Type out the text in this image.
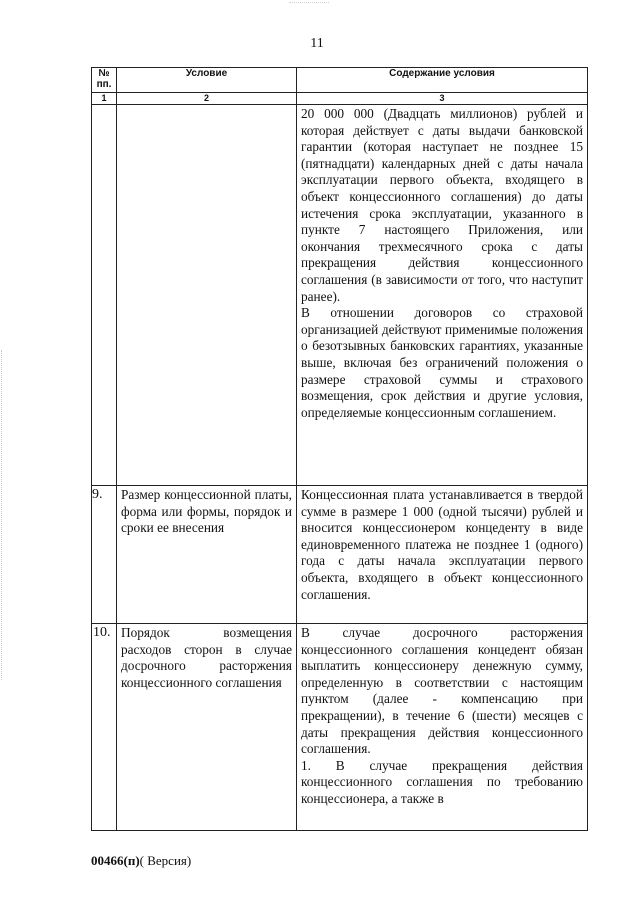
11
№ пп.	Условие	Содержание условия
1	2	3

		20 000 000 (Двадцать миллионов) рублей и которая действует с даты выдачи банковской гарантии (которая наступает не позднее 15 (пятнадцати) календарных дней с даты начала эксплуатации первого объекта, входящего в объект концессионного соглашения) до даты истечения срока эксплуатации, указанного в пункте 7 настоящего Приложения, или окончания трехмесячного срока с даты прекращения действия концессионного соглашения (в зависимости от того, что наступит ранее).

В отношении договоров со страховой организацией действуют применимые положения о безотзывных банковских гарантиях, указанные выше, включая без ограничений положения о размере страховой суммы и страхового возмещения, срок действия и другие условия, определяемые концессионным соглашением.

9.	Размер концессионной платы, форма или формы, порядок и сроки ее внесения	Концессионная плата устанавливается в твердой сумме в размере 1 000 (одной тысячи) рублей и вносится концессионером концеденту в виде единовременного платежа не позднее 1 (одного) года с даты начала эксплуатации первого объекта, входящего в объект концессионного соглашения.

10.	Порядок возмещения расходов сторон в случае досрочного расторжения концессионного соглашения	В случае досрочного расторжения концессионного соглашения концедент обязан выплатить концессионеру денежную сумму, определенную в соответствии с настоящим пунктом (далее - компенсацию при прекращении), в течение 6 (шести) месяцев с даты прекращения действия концессионного соглашения.

1. В случае прекращения действия концессионного соглашения по требованию концессионера, а также в

00466(п)( Версия)
